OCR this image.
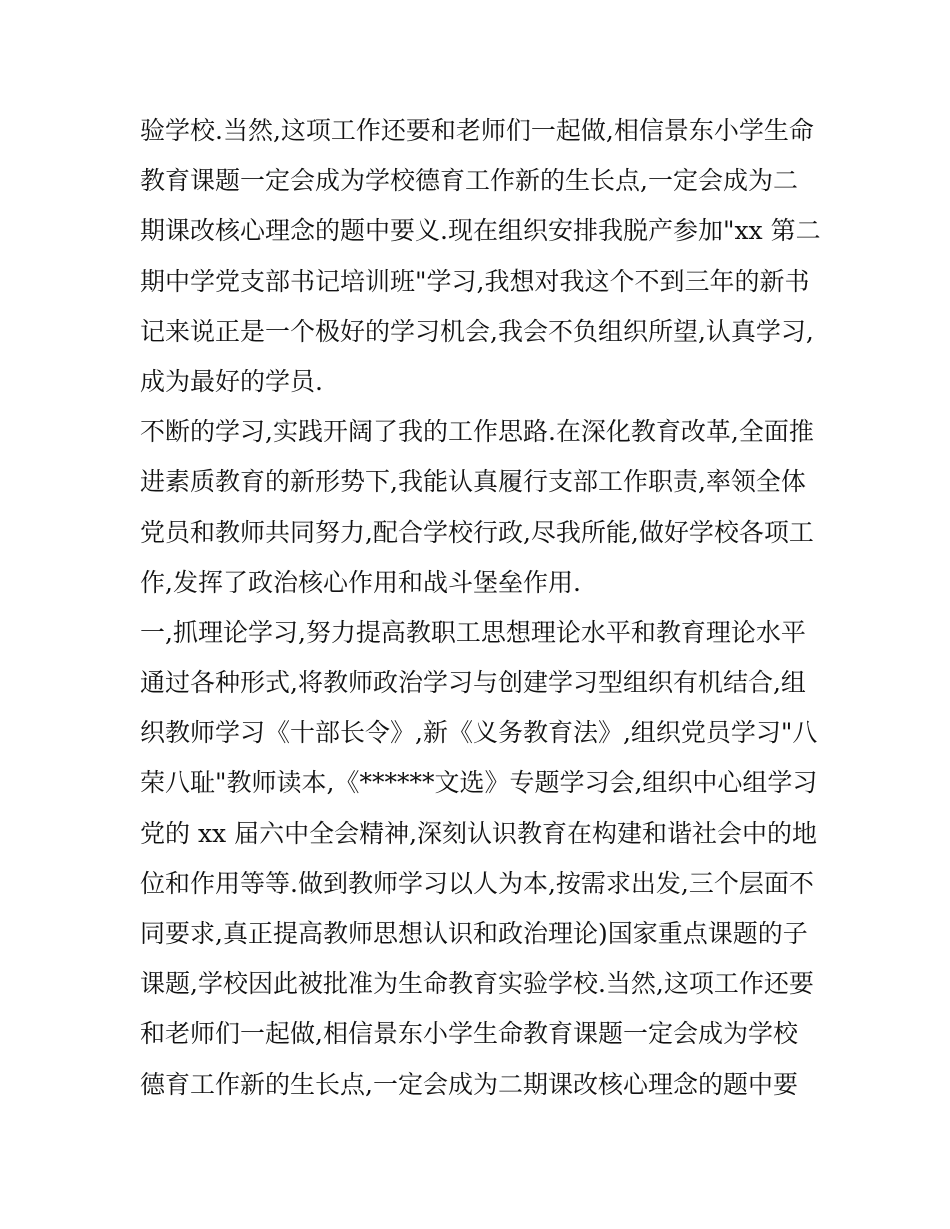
验学校.当然,这项工作还要和老师们一起做,相信景东小学生命
教育课题一定会成为学校德育工作新的生长点,一定会成为二
期课改核心理念的题中要义.现在组织安排我脱产参加"xx 第二
期中学党支部书记培训班"学习,我想对我这个不到三年的新书
记来说正是一个极好的学习机会,我会不负组织所望,认真学习,
成为最好的学员.
不断的学习,实践开阔了我的工作思路.在深化教育改革,全面推
进素质教育的新形势下,我能认真履行支部工作职责,率领全体
党员和教师共同努力,配合学校行政,尽我所能,做好学校各项工
作,发挥了政治核心作用和战斗堡垒作用.
一,抓理论学习,努力提高教职工思想理论水平和教育理论水平
通过各种形式,将教师政治学习与创建学习型组织有机结合,组
织教师学习《十部长令》,新《义务教育法》,组织党员学习"八
荣八耻"教师读本,《******文选》专题学习会,组织中心组学习
党的 xx 届六中全会精神,深刻认识教育在构建和谐社会中的地
位和作用等等.做到教师学习以人为本,按需求出发,三个层面不
同要求,真正提高教师思想认识和政治理论)国家重点课题的子
课题,学校因此被批准为生命教育实验学校.当然,这项工作还要
和老师们一起做,相信景东小学生命教育课题一定会成为学校
德育工作新的生长点,一定会成为二期课改核心理念的题中要
